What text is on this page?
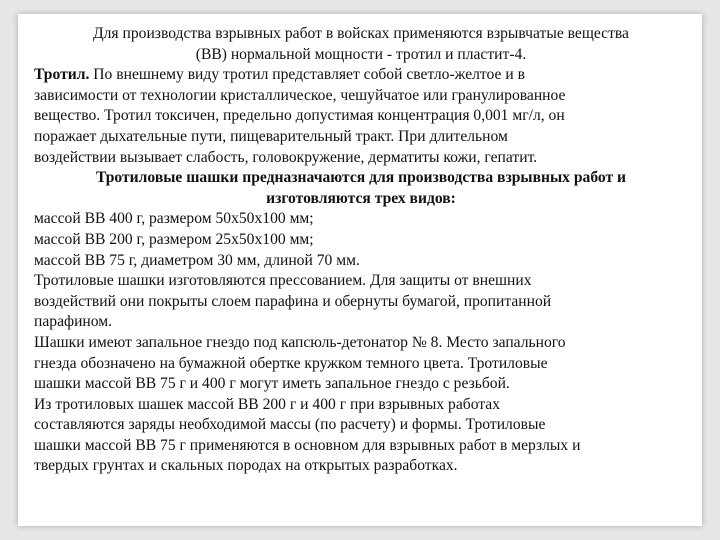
Для производства взрывных работ в войсках применяются взрывчатые вещества
(ВВ) нормальной мощности - тротил и пластит-4.
Тротил. По внешнему виду тротил представляет собой светло-желтое и в
зависимости от технологии кристаллическое, чешуйчатое или гранулированное
вещество. Тротил токсичен, предельно допустимая концентрация 0,001 мг/л, он
поражает дыхательные пути, пищеварительный тракт. При длительном
воздействии вызывает слабость, головокружение, дерматиты кожи, гепатит.
Тротиловые шашки предназначаются для производства взрывных работ и
изготовляются трех видов:
массой ВВ 400 г, размером 50х50х100 мм;
массой ВВ 200 г, размером 25х50х100 мм;
массой ВВ 75 г, диаметром 30 мм, длиной 70 мм.
Тротиловые шашки изготовляются прессованием. Для защиты от внешних
воздействий они покрыты слоем парафина и обернуты бумагой, пропитанной
парафином.
Шашки имеют запальное гнездо под капсюль-детонатор № 8. Место запального
гнезда обозначено на бумажной обертке кружком темного цвета. Тротиловые
шашки массой ВВ 75 г и 400 г могут иметь запальное гнездо с резьбой.
Из тротиловых шашек массой ВВ 200 г и 400 г при взрывных работах
составляются заряды необходимой массы (по расчету) и формы. Тротиловые
шашки массой ВВ 75 г применяются в основном для взрывных работ в мерзлых и
твердых грунтах и скальных породах на открытых разработках.
